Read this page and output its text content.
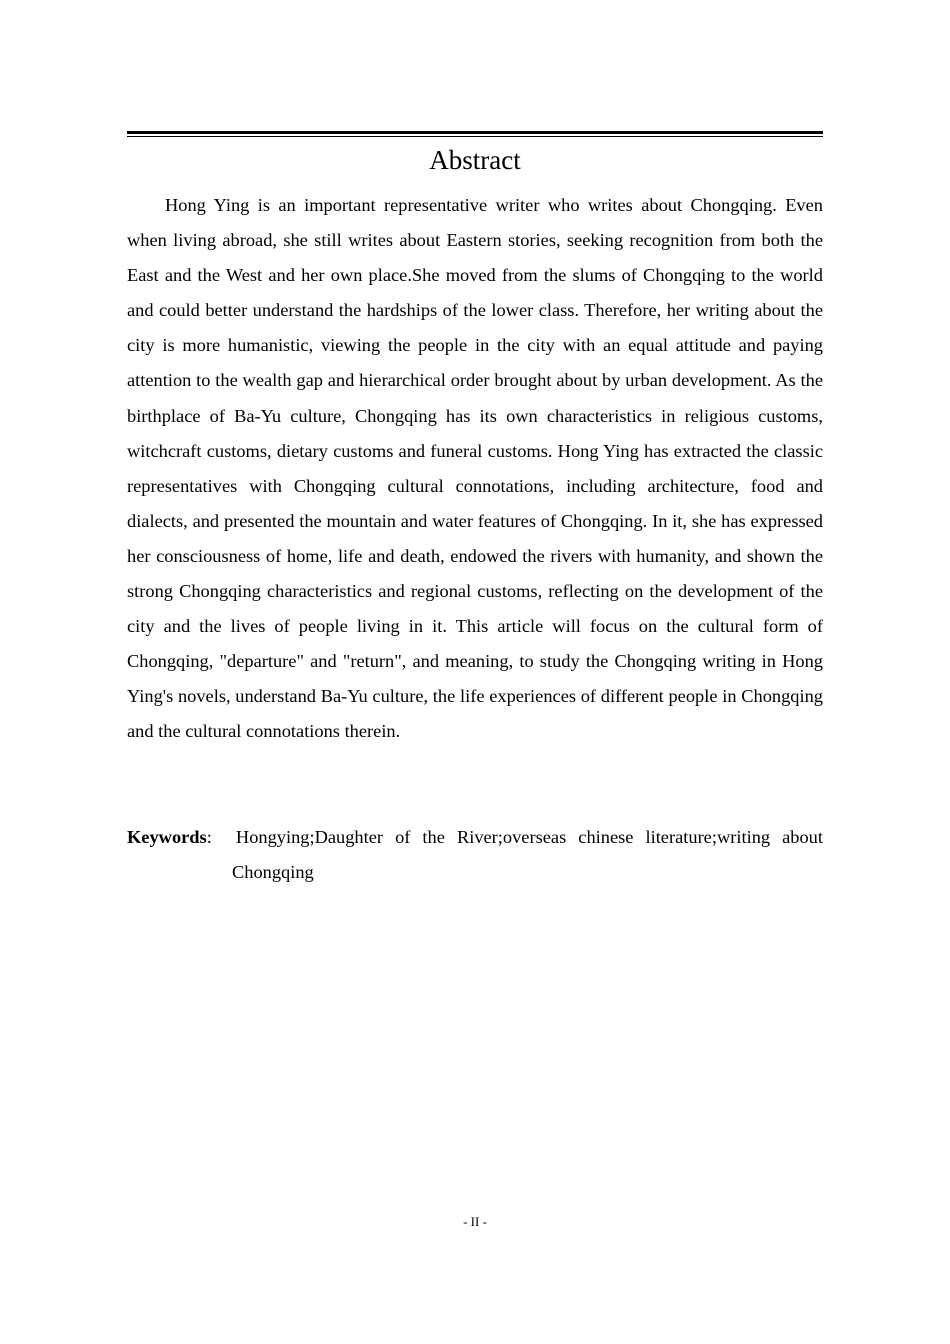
Abstract

Hong Ying is an important representative writer who writes about Chongqing. Even when living abroad, she still writes about Eastern stories, seeking recognition from both the East and the West and her own place.She moved from the slums of Chongqing to the world and could better understand the hardships of the lower class. Therefore, her writing about the city is more humanistic, viewing the people in the city with an equal attitude and paying attention to the wealth gap and hierarchical order brought about by urban development. As the birthplace of Ba-Yu culture, Chongqing has its own characteristics in religious customs, witchcraft customs, dietary customs and funeral customs. Hong Ying has extracted the classic representatives with Chongqing cultural connotations, including architecture, food and dialects, and presented the mountain and water features of Chongqing. In it, she has expressed her consciousness of home, life and death, endowed the rivers with humanity, and shown the strong Chongqing characteristics and regional customs, reflecting on the development of the city and the lives of people living in it. This article will focus on the cultural form of Chongqing, "departure" and "return", and meaning, to study the Chongqing writing in Hong Ying's novels, understand Ba-Yu culture, the life experiences of different people in Chongqing and the cultural connotations therein.

Keywords: Hongying;Daughter of the River;overseas chinese literature;writing about
Chongqing
- II -
